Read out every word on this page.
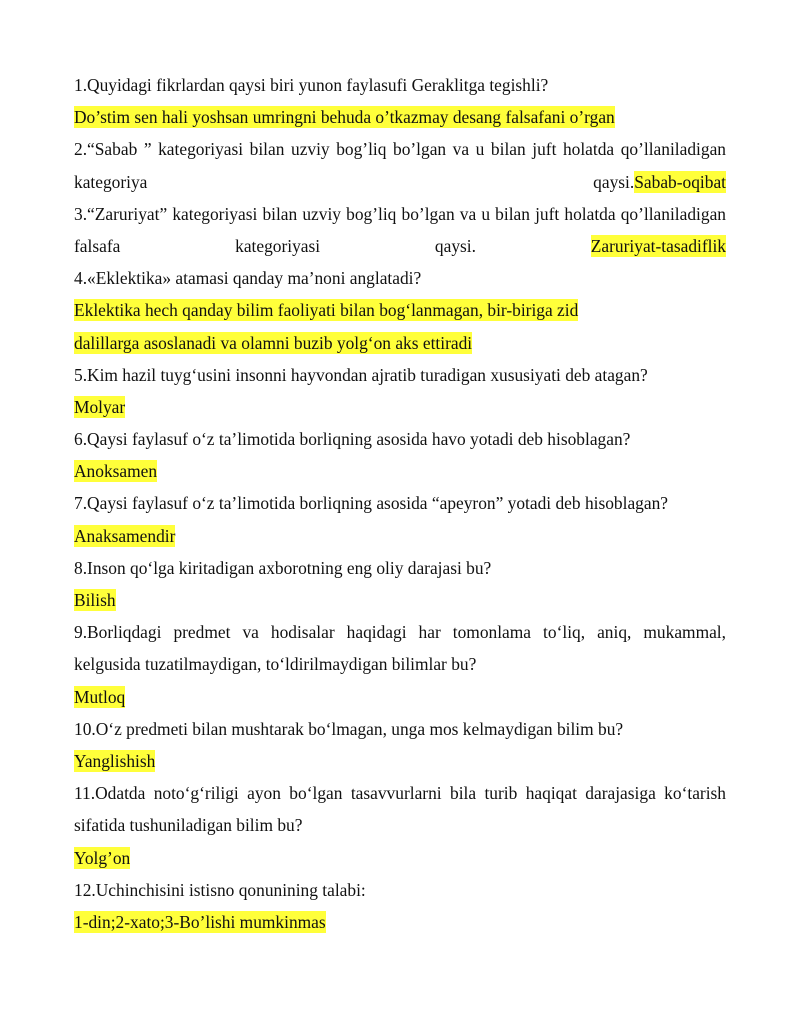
1.Quyidagi fikrlardan qaysi biri yunon faylasufi Geraklitga tegishli?

Do’stim sen hali yoshsan umringni behuda o’tkazmay desang falsafani o’rgan

2.“Sabab ” kategoriyasi bilan uzviy bog’liq bo’lgan va u bilan juft holatda qo’llaniladigan kategoriya qaysi.Sabab-oqibat

3.“Zaruriyat” kategoriyasi bilan uzviy bog’liq bo’lgan va u bilan juft holatda qo’llaniladigan falsafa kategoriyasi qaysi. Zaruriyat-tasadiflik

4.«Eklektika» atamasi qanday ma’noni anglatadi?

Eklektika hech qanday bilim faoliyati bilan bog‘lanmagan, bir-biriga zid

dalillarga asoslanadi va olamni buzib yolg‘on aks ettiradi

5.Kim hazil tuyg‘usini insonni hayvondan ajratib turadigan xususiyati deb atagan?

Molyar

6.Qaysi faylasuf o‘z ta’limotida borliqning asosida havo yotadi deb hisoblagan?

Anoksamen

7.Qaysi faylasuf o‘z ta’limotida borliqning asosida “apeyron” yotadi deb hisoblagan?

Anaksamendir

8.Inson qo‘lga kiritadigan axborotning eng oliy darajasi bu?

Bilish

9.Borliqdagi predmet va hodisalar haqidagi har tomonlama to‘liq, aniq, mukammal, kelgusida tuzatilmaydigan, to‘ldirilmaydigan bilimlar bu?

Mutloq

10.O‘z predmeti bilan mushtarak bo‘lmagan, unga mos kelmaydigan bilim bu?

Yanglishish

11.Odatda noto‘g‘riligi ayon bo‘lgan tasavvurlarni bila turib haqiqat darajasiga ko‘tarish sifatida tushuniladigan bilim bu?

Yolg’on

12.Uchinchisini istisno qonunining talabi:

1-din;2-xato;3-Bo’lishi mumkinmas
